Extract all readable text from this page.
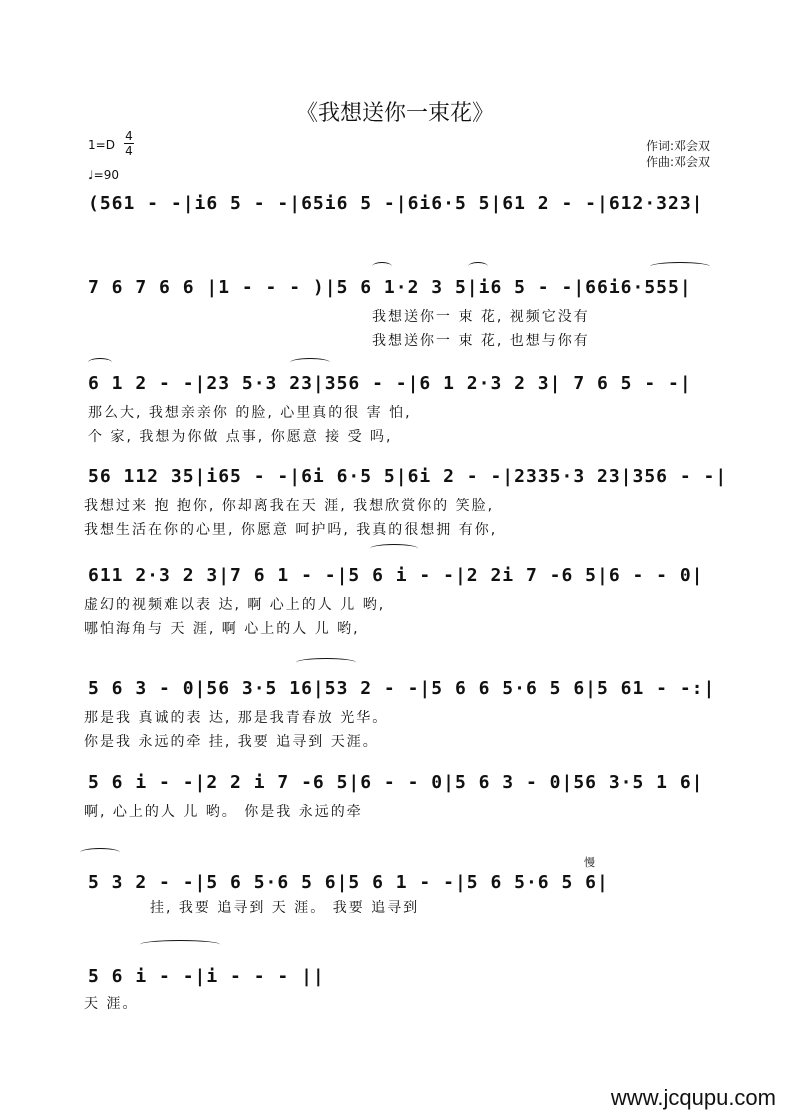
《我想送你一束花》
1=D
4
4
♩=90
作词:邓会双
作曲:邓会双
(561 - -|i6 5 - -|65i6 5 -|6i6·5 5|61 2 - -|612·323|
7 6 7 6 6 |1 - - - )|5 6 1·2 3 5|i6 5 - -|66i6·555|
我想送你一 束 花, 视频它没有
我想送你一 束 花, 也想与你有
6 1 2 - -|23 5·3 23|356 - -|6 1 2·3 2 3| 7 6 5 - -|
那么大, 我想亲亲你 的脸, 心里真的很 害 怕,
个 家, 我想为你做 点事, 你愿意 接 受 吗,
56 112 35|i65 - -|6i 6·5 5|6i 2 - -|2335·3 23|356 - -|
我想过来 抱 抱你, 你却离我在天 涯, 我想欣赏你的 笑脸,
我想生活在你的心里, 你愿意 呵护吗, 我真的很想拥 有你,
611 2·3 2 3|7 6 1 - -|5 6 i - -|2 2i 7 -6 5|6 - - 0|
虚幻的视频难以表 达, 啊 心上的人 儿 哟,
哪怕海角与 天 涯, 啊 心上的人 儿 哟,
5 6 3 - 0|56 3·5 16|53 2 - -|5 6 6 5·6 5 6|5 61 - -:|
那是我 真诚的表 达, 那是我青春放 光华。
你是我 永远的牵 挂, 我要 追寻到 天涯。
5 6 i - -|2 2 i 7 -6 5|6 - - 0|5 6 3 - 0|56 3·5 1 6|
啊, 心上的人 儿 哟。 你是我 永远的牵
5 3 2 - -|5 6 5·6 5 6|5 6 1 - -|5 6 5·6 5 6|
挂, 我要 追寻到 天 涯。 我要 追寻到
慢
5 6 i - -|i - - - ||
天 涯。
www.jcqupu.com
